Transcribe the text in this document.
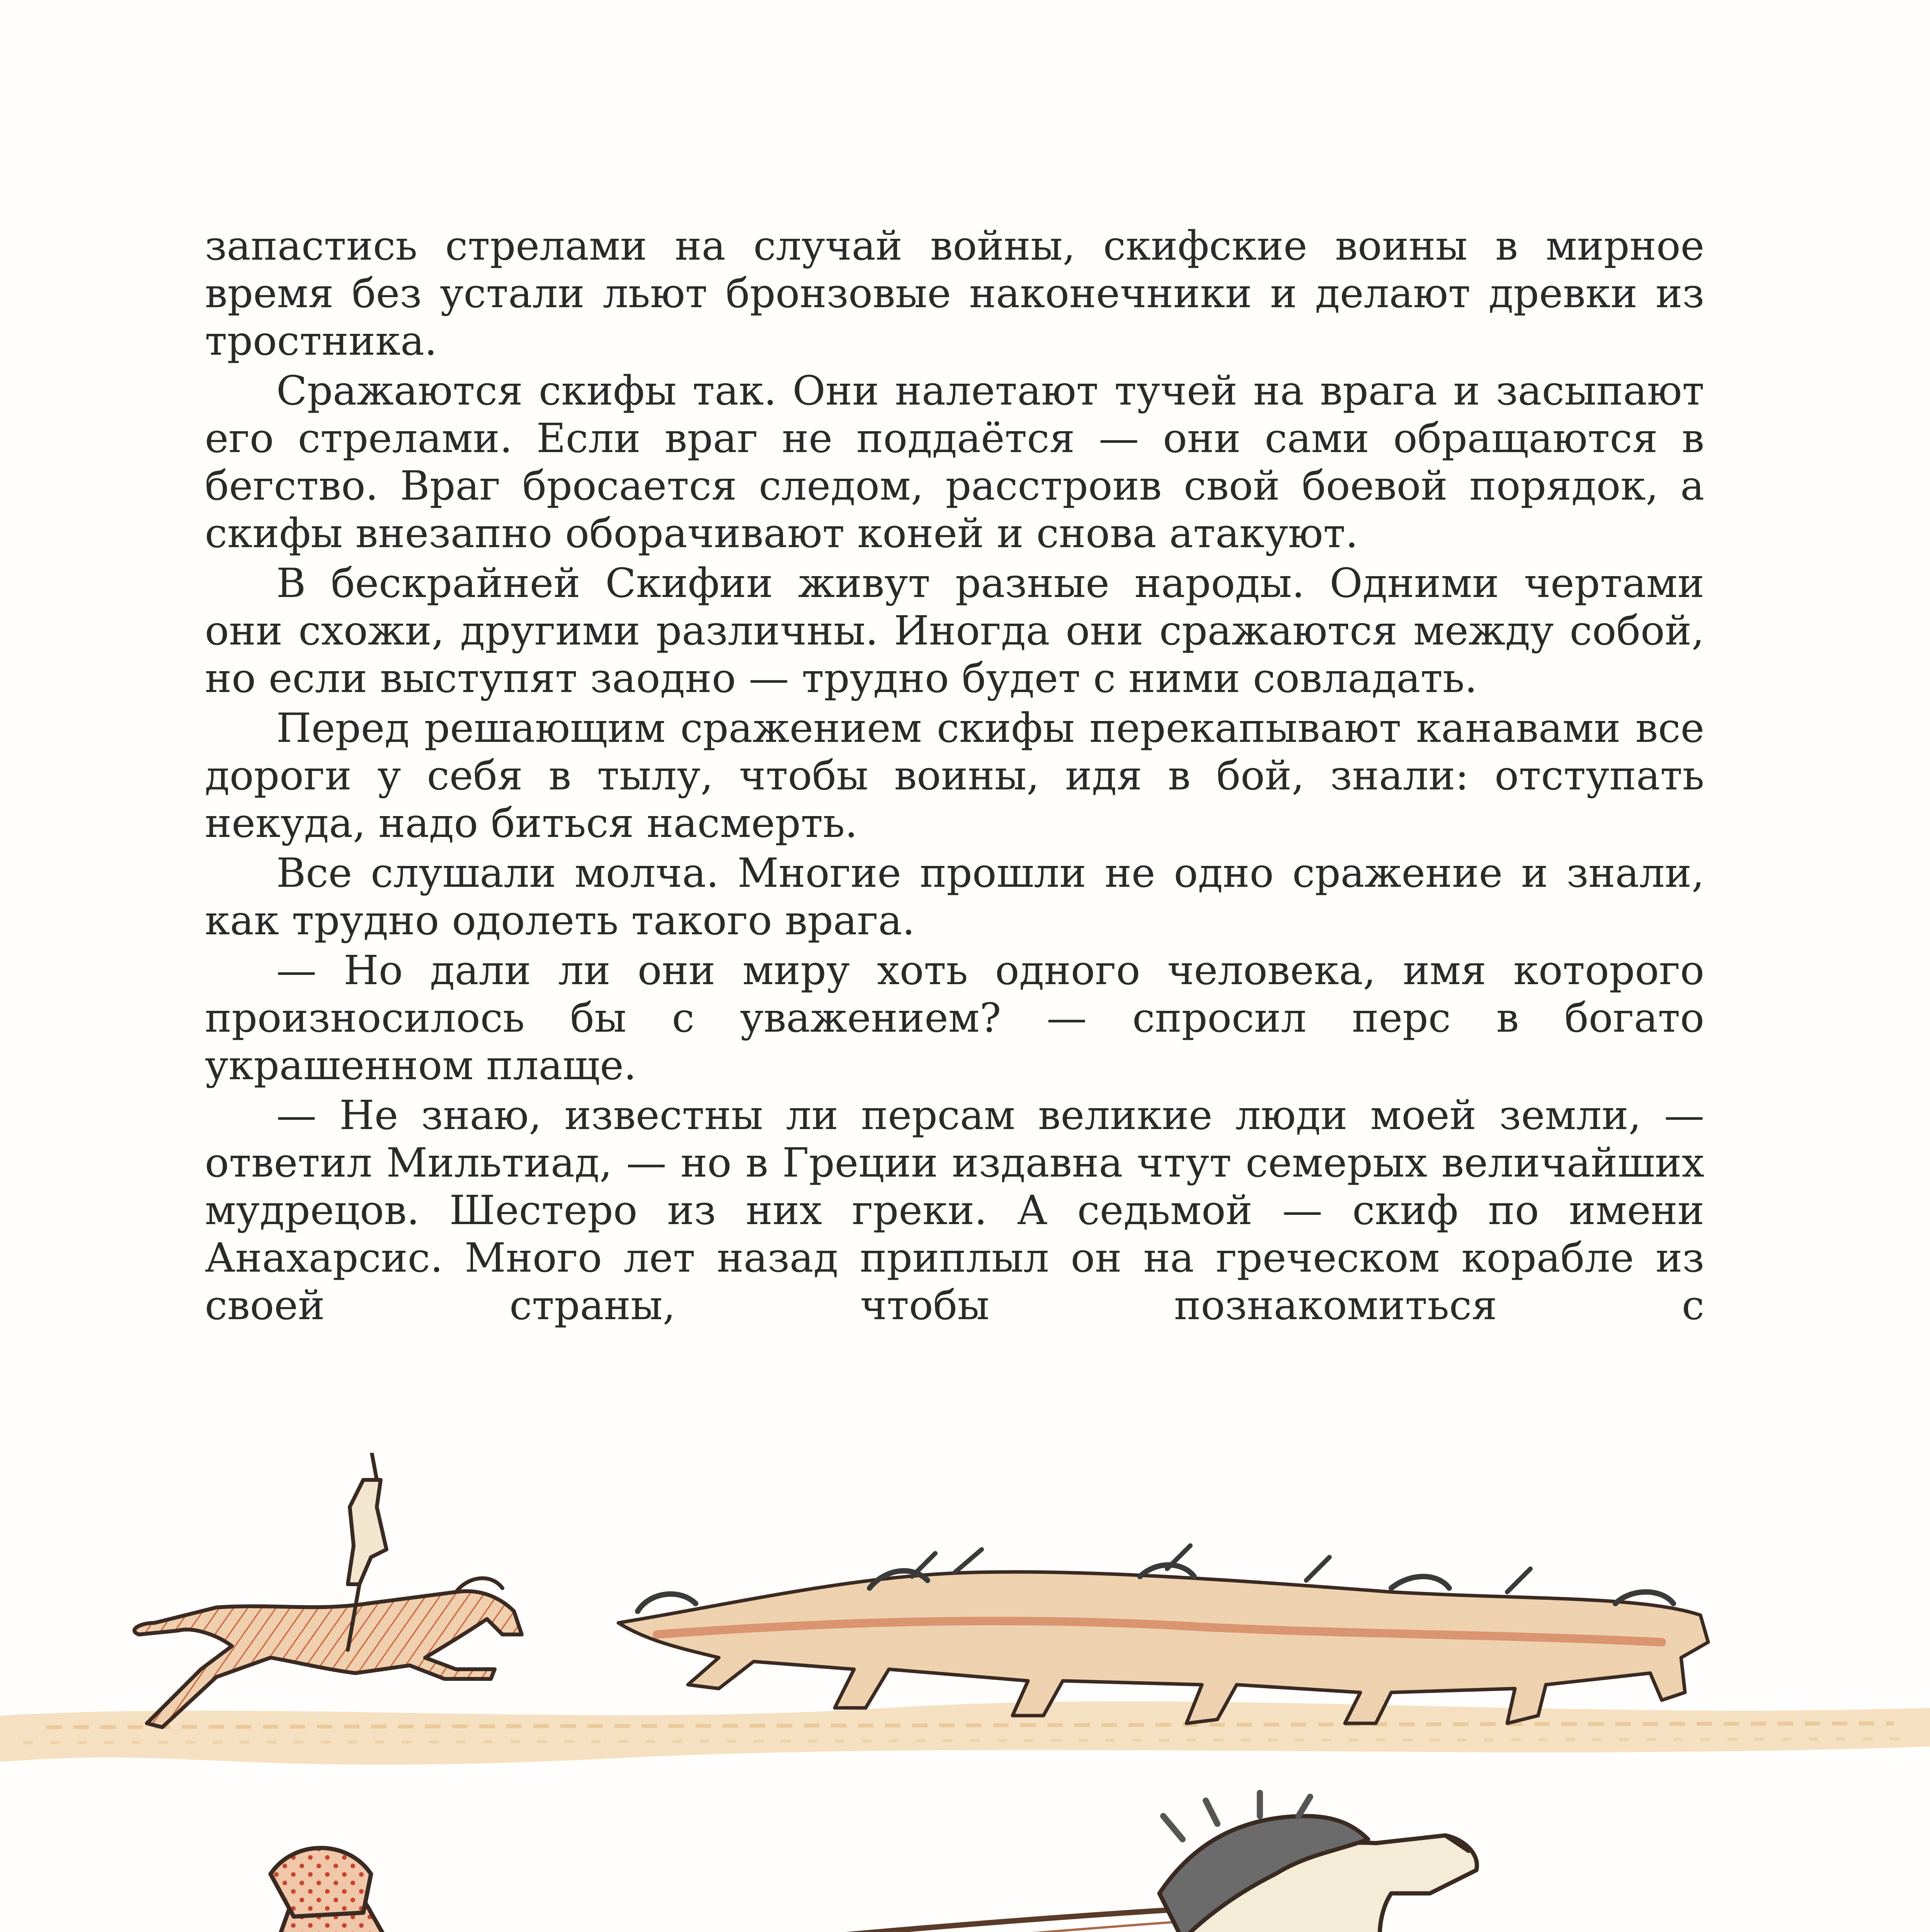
запастись стрелами на случай войны, скифские воины в мирное время без устали льют бронзовые наконечники и делают древки из тростника.

Сражаются скифы так. Они налетают тучей на врага и засыпают его стрелами. Если враг не поддаётся — они сами обращаются в бегство. Враг бросается следом, расстроив свой боевой порядок, а скифы внезапно оборачивают коней и снова атакуют.

В бескрайней Скифии живут разные народы. Одними чертами они схожи, другими различны. Иногда они сражаются между собой, но если выступят заодно — трудно будет с ними совладать.

Перед решающим сражением скифы перекапывают канавами все дороги у себя в тылу, чтобы воины, идя в бой, знали: отступать некуда, надо биться насмерть.

Все слушали молча. Многие прошли не одно сражение и знали, как трудно одолеть такого врага.

— Но дали ли они миру хоть одного человека, имя которого произносилось бы с уважением? — спросил перс в богато украшенном плаще.

— Не знаю, известны ли персам великие люди моей земли, — ответил Мильтиад, — но в Греции издавна чтут семерых величайших мудрецов. Шестеро из них греки. А седьмой — скиф по имени Анахарсис. Много лет назад приплыл он на греческом корабле из своей страны, чтобы познакомиться с
